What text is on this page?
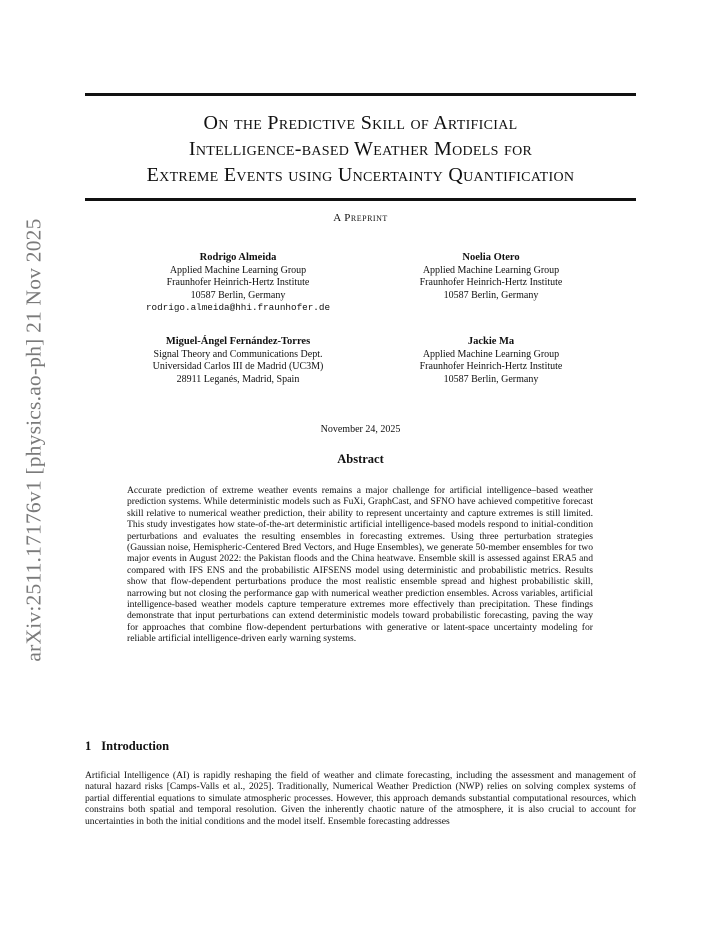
arXiv:2511.17176v1 [physics.ao-ph] 21 Nov 2025
On the Predictive Skill of Artificial
Intelligence-based Weather Models for
Extreme Events using Uncertainty Quantification
A Preprint
Rodrigo Almeida
Applied Machine Learning Group
Fraunhofer Heinrich-Hertz Institute
10587 Berlin, Germany
rodrigo.almeida@hhi.fraunhofer.de
Noelia Otero
Applied Machine Learning Group
Fraunhofer Heinrich-Hertz Institute
10587 Berlin, Germany
Miguel-Ángel Fernández-Torres
Signal Theory and Communications Dept.
Universidad Carlos III de Madrid (UC3M)
28911 Leganés, Madrid, Spain
Jackie Ma
Applied Machine Learning Group
Fraunhofer Heinrich-Hertz Institute
10587 Berlin, Germany
November 24, 2025
Abstract
Accurate prediction of extreme weather events remains a major challenge for artificial intelligence–based weather prediction systems. While deterministic models such as FuXi, GraphCast, and SFNO have achieved competitive forecast skill relative to numerical weather prediction, their ability to represent uncertainty and capture extremes is still limited. This study investigates how state-of-the-art deterministic artificial intelligence-based models respond to initial-condition perturbations and evaluates the resulting ensembles in forecasting extremes. Using three perturbation strategies (Gaussian noise, Hemispheric-Centered Bred Vectors, and Huge Ensembles), we generate 50-member ensembles for two major events in August 2022: the Pakistan floods and the China heatwave. Ensemble skill is assessed against ERA5 and compared with IFS ENS and the probabilistic AIFSENS model using deterministic and probabilistic metrics. Results show that flow-dependent perturbations produce the most realistic ensemble spread and highest probabilistic skill, narrowing but not closing the performance gap with numerical weather prediction ensembles. Across variables, artificial intelligence-based weather models capture temperature extremes more effectively than precipitation. These findings demonstrate that input perturbations can extend deterministic models toward probabilistic forecasting, paving the way for approaches that combine flow-dependent perturbations with generative or latent-space uncertainty modeling for reliable artificial intelligence-driven early warning systems.
1 Introduction
Artificial Intelligence (AI) is rapidly reshaping the field of weather and climate forecasting, including the assessment and management of natural hazard risks [Camps-Valls et al., 2025]. Traditionally, Numerical Weather Prediction (NWP) relies on solving complex systems of partial differential equations to simulate atmospheric processes. However, this approach demands substantial computational resources, which constrains both spatial and temporal resolution. Given the inherently chaotic nature of the atmosphere, it is also crucial to account for uncertainties in both the initial conditions and the model itself. Ensemble forecasting addresses
